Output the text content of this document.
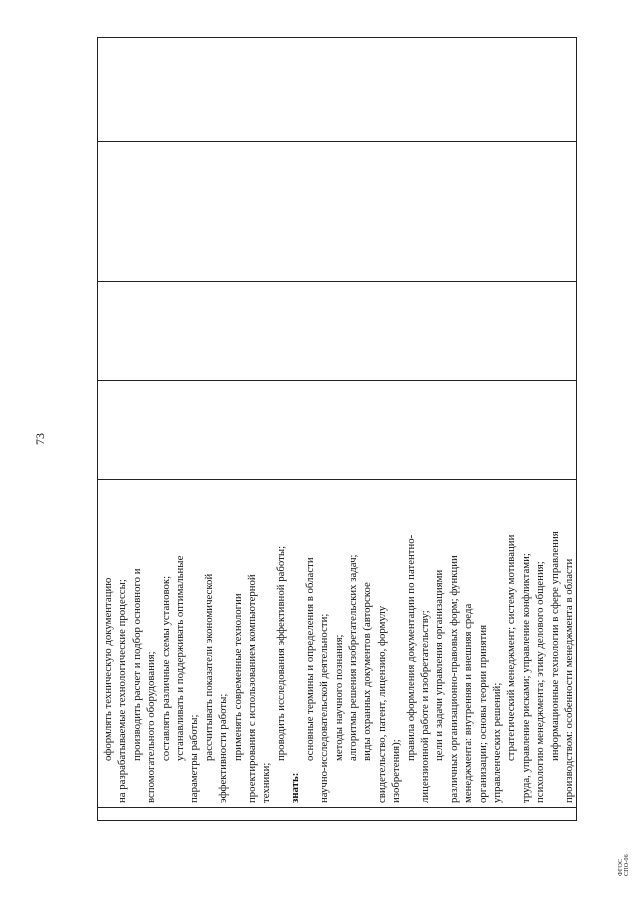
73

оформлять техническую документацию на разрабатываемые технологические процессы; производить расчет и подбор основного и вспомогательного оборудования; составлять различные схемы установок; устанавливать и поддерживать оптимальные параметры работы; рассчитывать показатели экономической эффективности работы; применять современные технологии проектирования с использованием компьютерной техники;
проводить исследования эффективной работы;
знать:
основные термины и определения в области научно-исследовательской деятельности; методы научного познания; алгоритмы решения изобретательских задач; виды охранных документов (авторское свидетельство, патент, лицензию, формулу изобретения);
правила оформления документации по патентно- лицензионной работе и изобретательству; цели и задачи управления организациями различных организационно-правовых форм; функции менеджмента: внутренняя и внешняя среда организации; основы теории принятия управленческих решений; стратегический менеджмент; систему мотивации труда, управление рисками; управление конфликтами; психологию менеджмента; этику делового общения; информационные технологии в сфере управления производством: особенности менеджмента в области

ФГОС СПО-06
